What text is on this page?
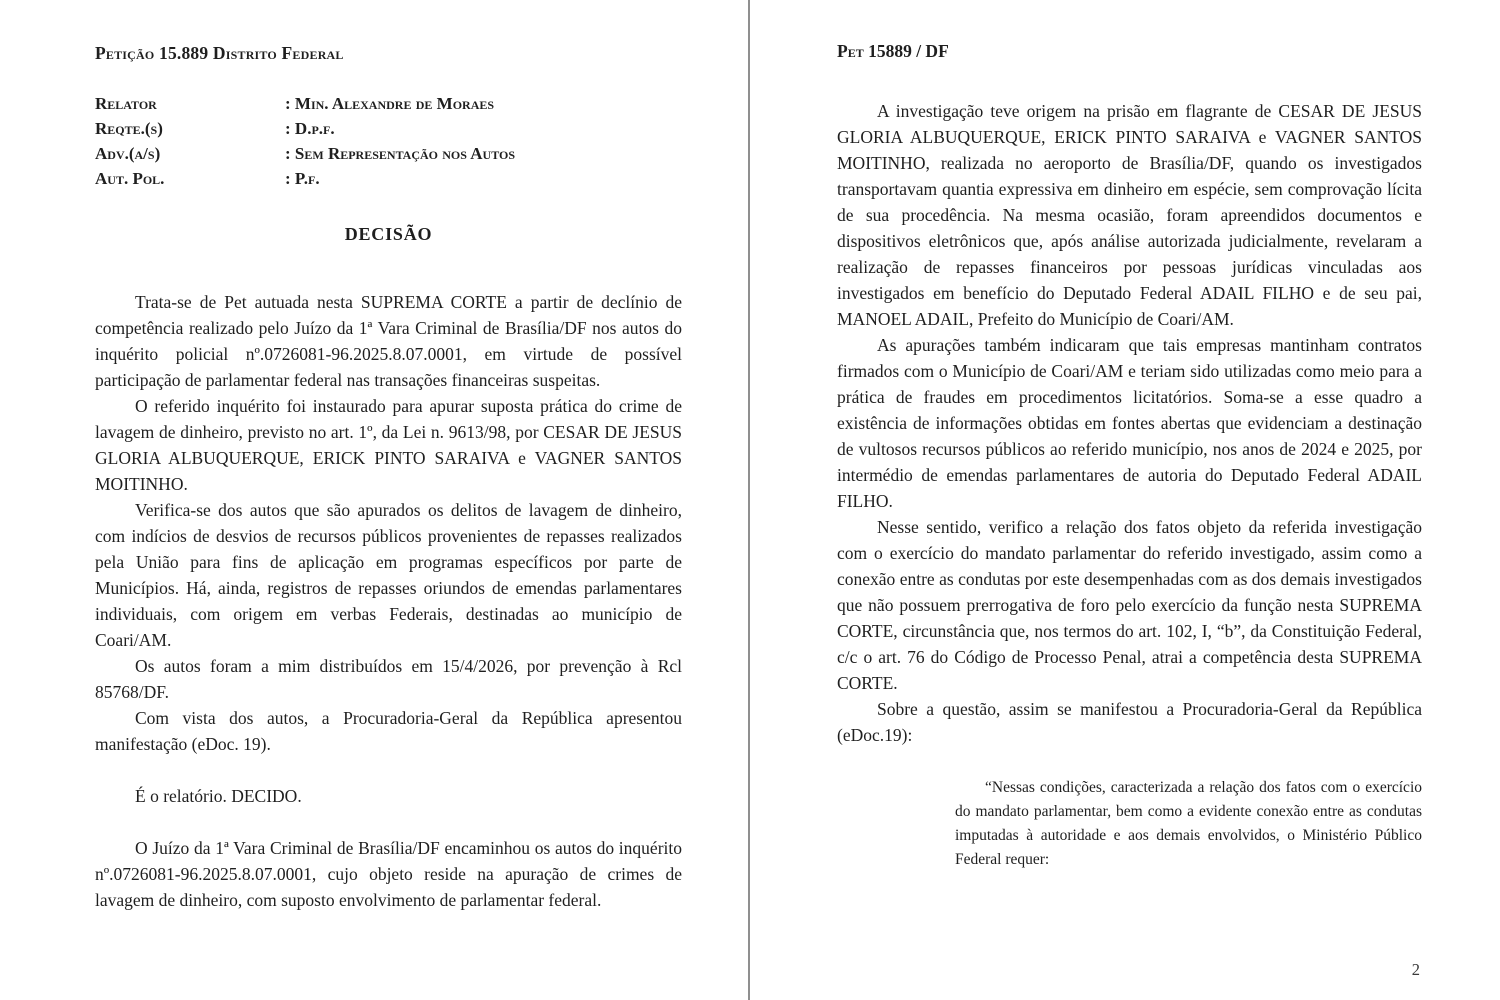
Petição 15.889 Distrito Federal
Relator	: Min. Alexandre de Moraes
Reqte.(s)	: D.p.f.
Adv.(a/s)	: Sem Representação nos Autos
Aut. Pol.	: P.f.
DECISÃO

Trata-se de Pet autuada nesta SUPREMA CORTE a partir de declínio de competência realizado pelo Juízo da 1ª Vara Criminal de Brasília/DF nos autos do inquérito policial nº.0726081-96.2025.8.07.0001, em virtude de possível participação de parlamentar federal nas transações financeiras suspeitas.

O referido inquérito foi instaurado para apurar suposta prática do crime de lavagem de dinheiro, previsto no art. 1º, da Lei n. 9613/98, por CESAR DE JESUS GLORIA ALBUQUERQUE, ERICK PINTO SARAIVA e VAGNER SANTOS MOITINHO.

Verifica-se dos autos que são apurados os delitos de lavagem de dinheiro, com indícios de desvios de recursos públicos provenientes de repasses realizados pela União para fins de aplicação em programas específicos por parte de Municípios. Há, ainda, registros de repasses oriundos de emendas parlamentares individuais, com origem em verbas Federais, destinadas ao município de Coari/AM.

Os autos foram a mim distribuídos em 15/4/2026, por prevenção à Rcl 85768/DF.

Com vista dos autos, a Procuradoria-Geral da República apresentou manifestação (eDoc. 19).

É o relatório. DECIDO.

O Juízo da 1ª Vara Criminal de Brasília/DF encaminhou os autos do inquérito nº.0726081-96.2025.8.07.0001, cujo objeto reside na apuração de crimes de lavagem de dinheiro, com suposto envolvimento de parlamentar federal.

Pet 15889 / DF

A investigação teve origem na prisão em flagrante de CESAR DE JESUS GLORIA ALBUQUERQUE, ERICK PINTO SARAIVA e VAGNER SANTOS MOITINHO, realizada no aeroporto de Brasília/DF, quando os investigados transportavam quantia expressiva em dinheiro em espécie, sem comprovação lícita de sua procedência. Na mesma ocasião, foram apreendidos documentos e dispositivos eletrônicos que, após análise autorizada judicialmente, revelaram a realização de repasses financeiros por pessoas jurídicas vinculadas aos investigados em benefício do Deputado Federal ADAIL FILHO e de seu pai, MANOEL ADAIL, Prefeito do Município de Coari/AM.

As apurações também indicaram que tais empresas mantinham contratos firmados com o Município de Coari/AM e teriam sido utilizadas como meio para a prática de fraudes em procedimentos licitatórios. Soma-se a esse quadro a existência de informações obtidas em fontes abertas que evidenciam a destinação de vultosos recursos públicos ao referido município, nos anos de 2024 e 2025, por intermédio de emendas parlamentares de autoria do Deputado Federal ADAIL FILHO.

Nesse sentido, verifico a relação dos fatos objeto da referida investigação com o exercício do mandato parlamentar do referido investigado, assim como a conexão entre as condutas por este desempenhadas com as dos demais investigados que não possuem prerrogativa de foro pelo exercício da função nesta SUPREMA CORTE, circunstância que, nos termos do art. 102, I, “b”, da Constituição Federal, c/c o art. 76 do Código de Processo Penal, atrai a competência desta SUPREMA CORTE.

Sobre a questão, assim se manifestou a Procuradoria-Geral da República (eDoc.19):

“Nessas condições, caracterizada a relação dos fatos com o exercício do mandato parlamentar, bem como a evidente conexão entre as condutas imputadas à autoridade e aos demais envolvidos, o Ministério Público Federal requer:

2
